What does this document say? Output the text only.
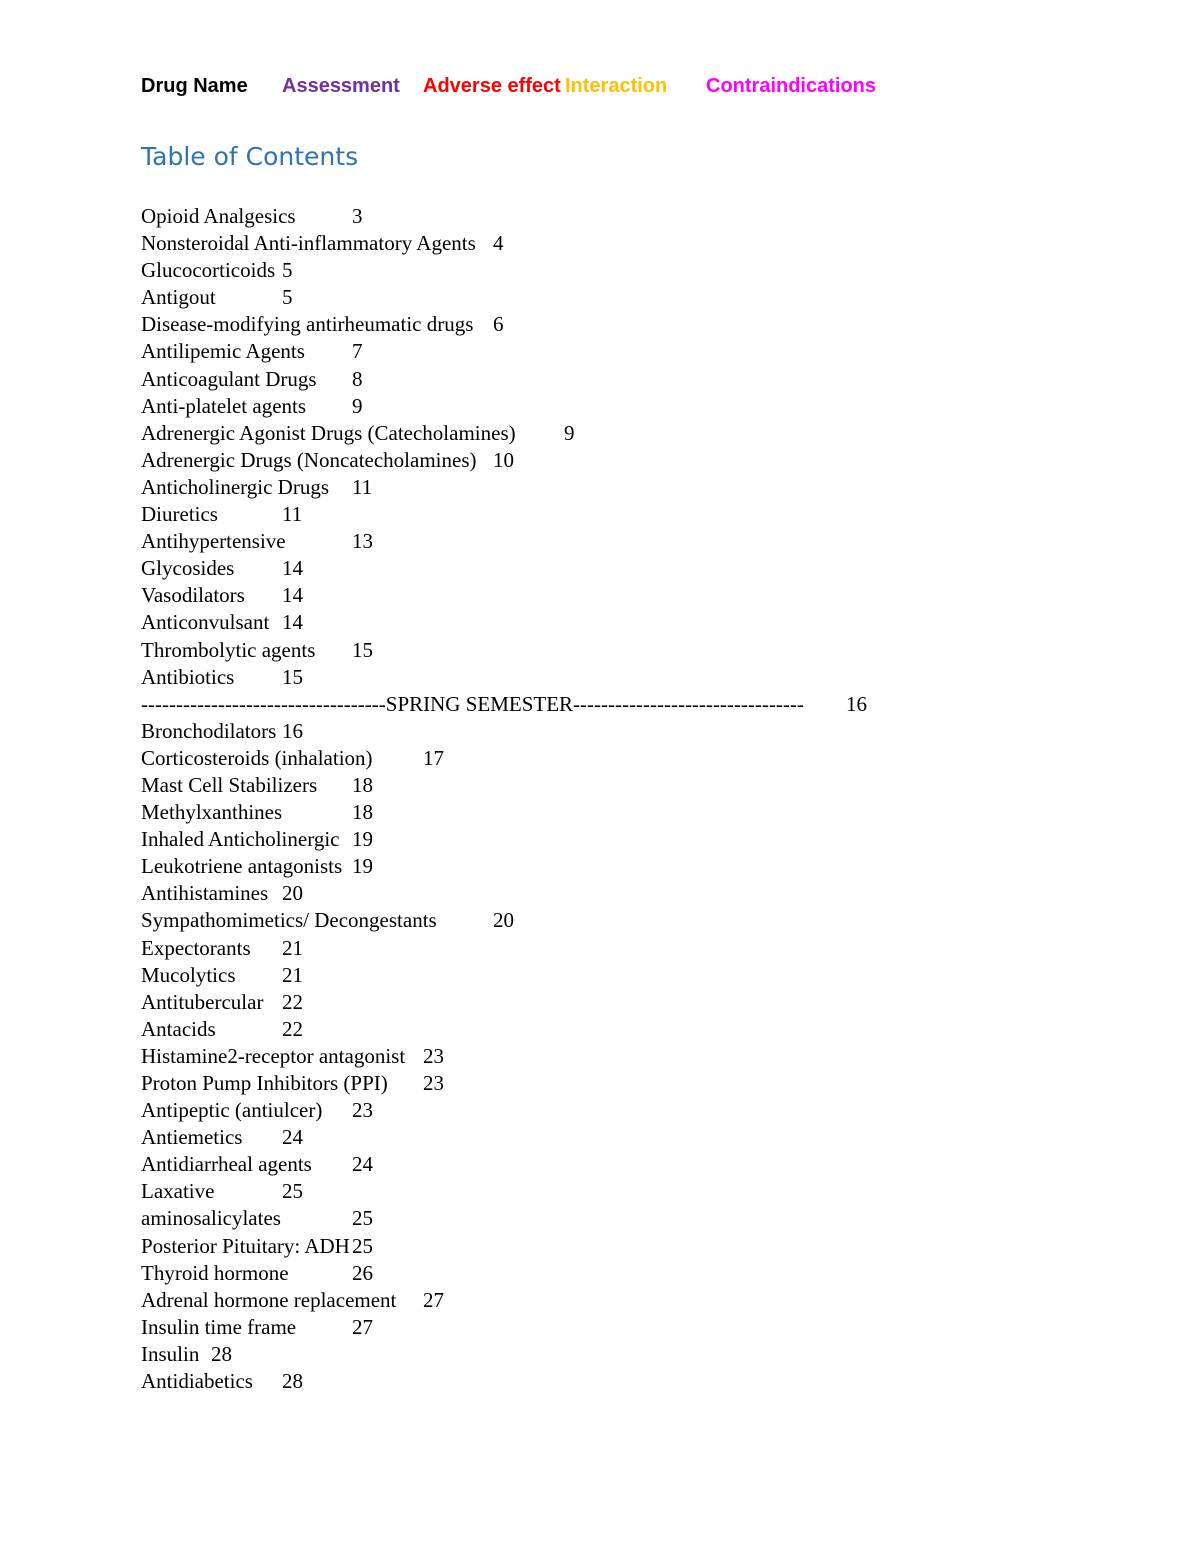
Drug Name Assessment Adverse effect Interaction Contraindications
Table of Contents
Opioid Analgesics	3
Nonsteroidal Anti-inflammatory Agents 4
Glucocorticoids 5
Antigout	5
Disease-modifying antirheumatic drugs 6
Antilipemic Agents 7
Anticoagulant Drugs 8
Anti-platelet agents 9
Adrenergic Agonist Drugs (Catecholamines) 9
Adrenergic Drugs (Noncatecholamines) 10
Anticholinergic Drugs 11
Diuretics	11
Antihypertensive	13
Glycosides 14
Vasodilators 14
Anticonvulsant 14
Thrombolytic agents 15
Antibiotics 15
-----------------------------------SPRING SEMESTER--------------------------------- 16
Bronchodilators 16
Corticosteroids (inhalation) 17
Mast Cell Stabilizers 18
Methylxanthines	18
Inhaled Anticholinergic 19
Leukotriene antagonists 19
Antihistamines 20
Sympathomimetics/ Decongestants	20
Expectorants 21
Mucolytics 21
Antitubercular 22
Antacids	22
Histamine2-receptor antagonist 23
Proton Pump Inhibitors (PPI) 23
Antipeptic (antiulcer) 23
Antiemetics 24
Antidiarrheal agents 24
Laxative	25
aminosalicylates	25
Posterior Pituitary: ADH 25
Thyroid hormone	26
Adrenal hormone replacement 27
Insulin time frame	27
Insulin 28
Antidiabetics 28
